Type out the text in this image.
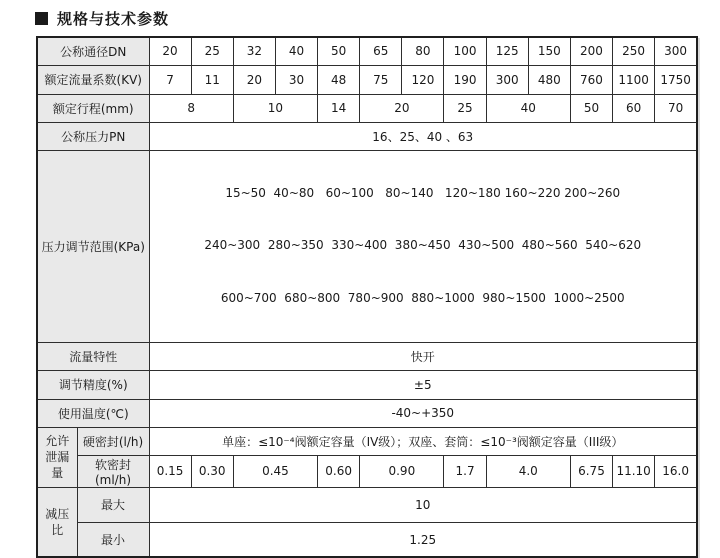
规格与技术参数
公称通径DN		20	25	32	40	50	65	80	100	125	150	200	250	300
额定流量系数(KV)		7	11	20	30	48	75	120	190	300	480	760	1100	1750
额定行程(mm)		8		10		14	20		25	40		50	60	70
公称压力PN		16、25、40 、63												
压力调节范围(KPa)		15~50  40~80   60~100   80~140   120~180 160~220 200~260

240~300  280~350  330~400  380~450  430~500  480~560  540~620

600~700  680~800  780~900  880~1000  980~1500  1000~2500												

流量特性		快开												
调节精度(%)		±5												
使用温度(℃)		-40~+350												

允许
泄漏量	硬密封(l/h)	单座：≤10⁻⁴阀额定容量（IV级）；双座、套筒：≤10⁻³阀额定容量（III级）												
	软密封(ml/h)	0.15	0.30	0.45		0.60	0.90		1.7	4.0		6.75	11.10	16.0
减压比	最大	10												
	最小	1.25												
